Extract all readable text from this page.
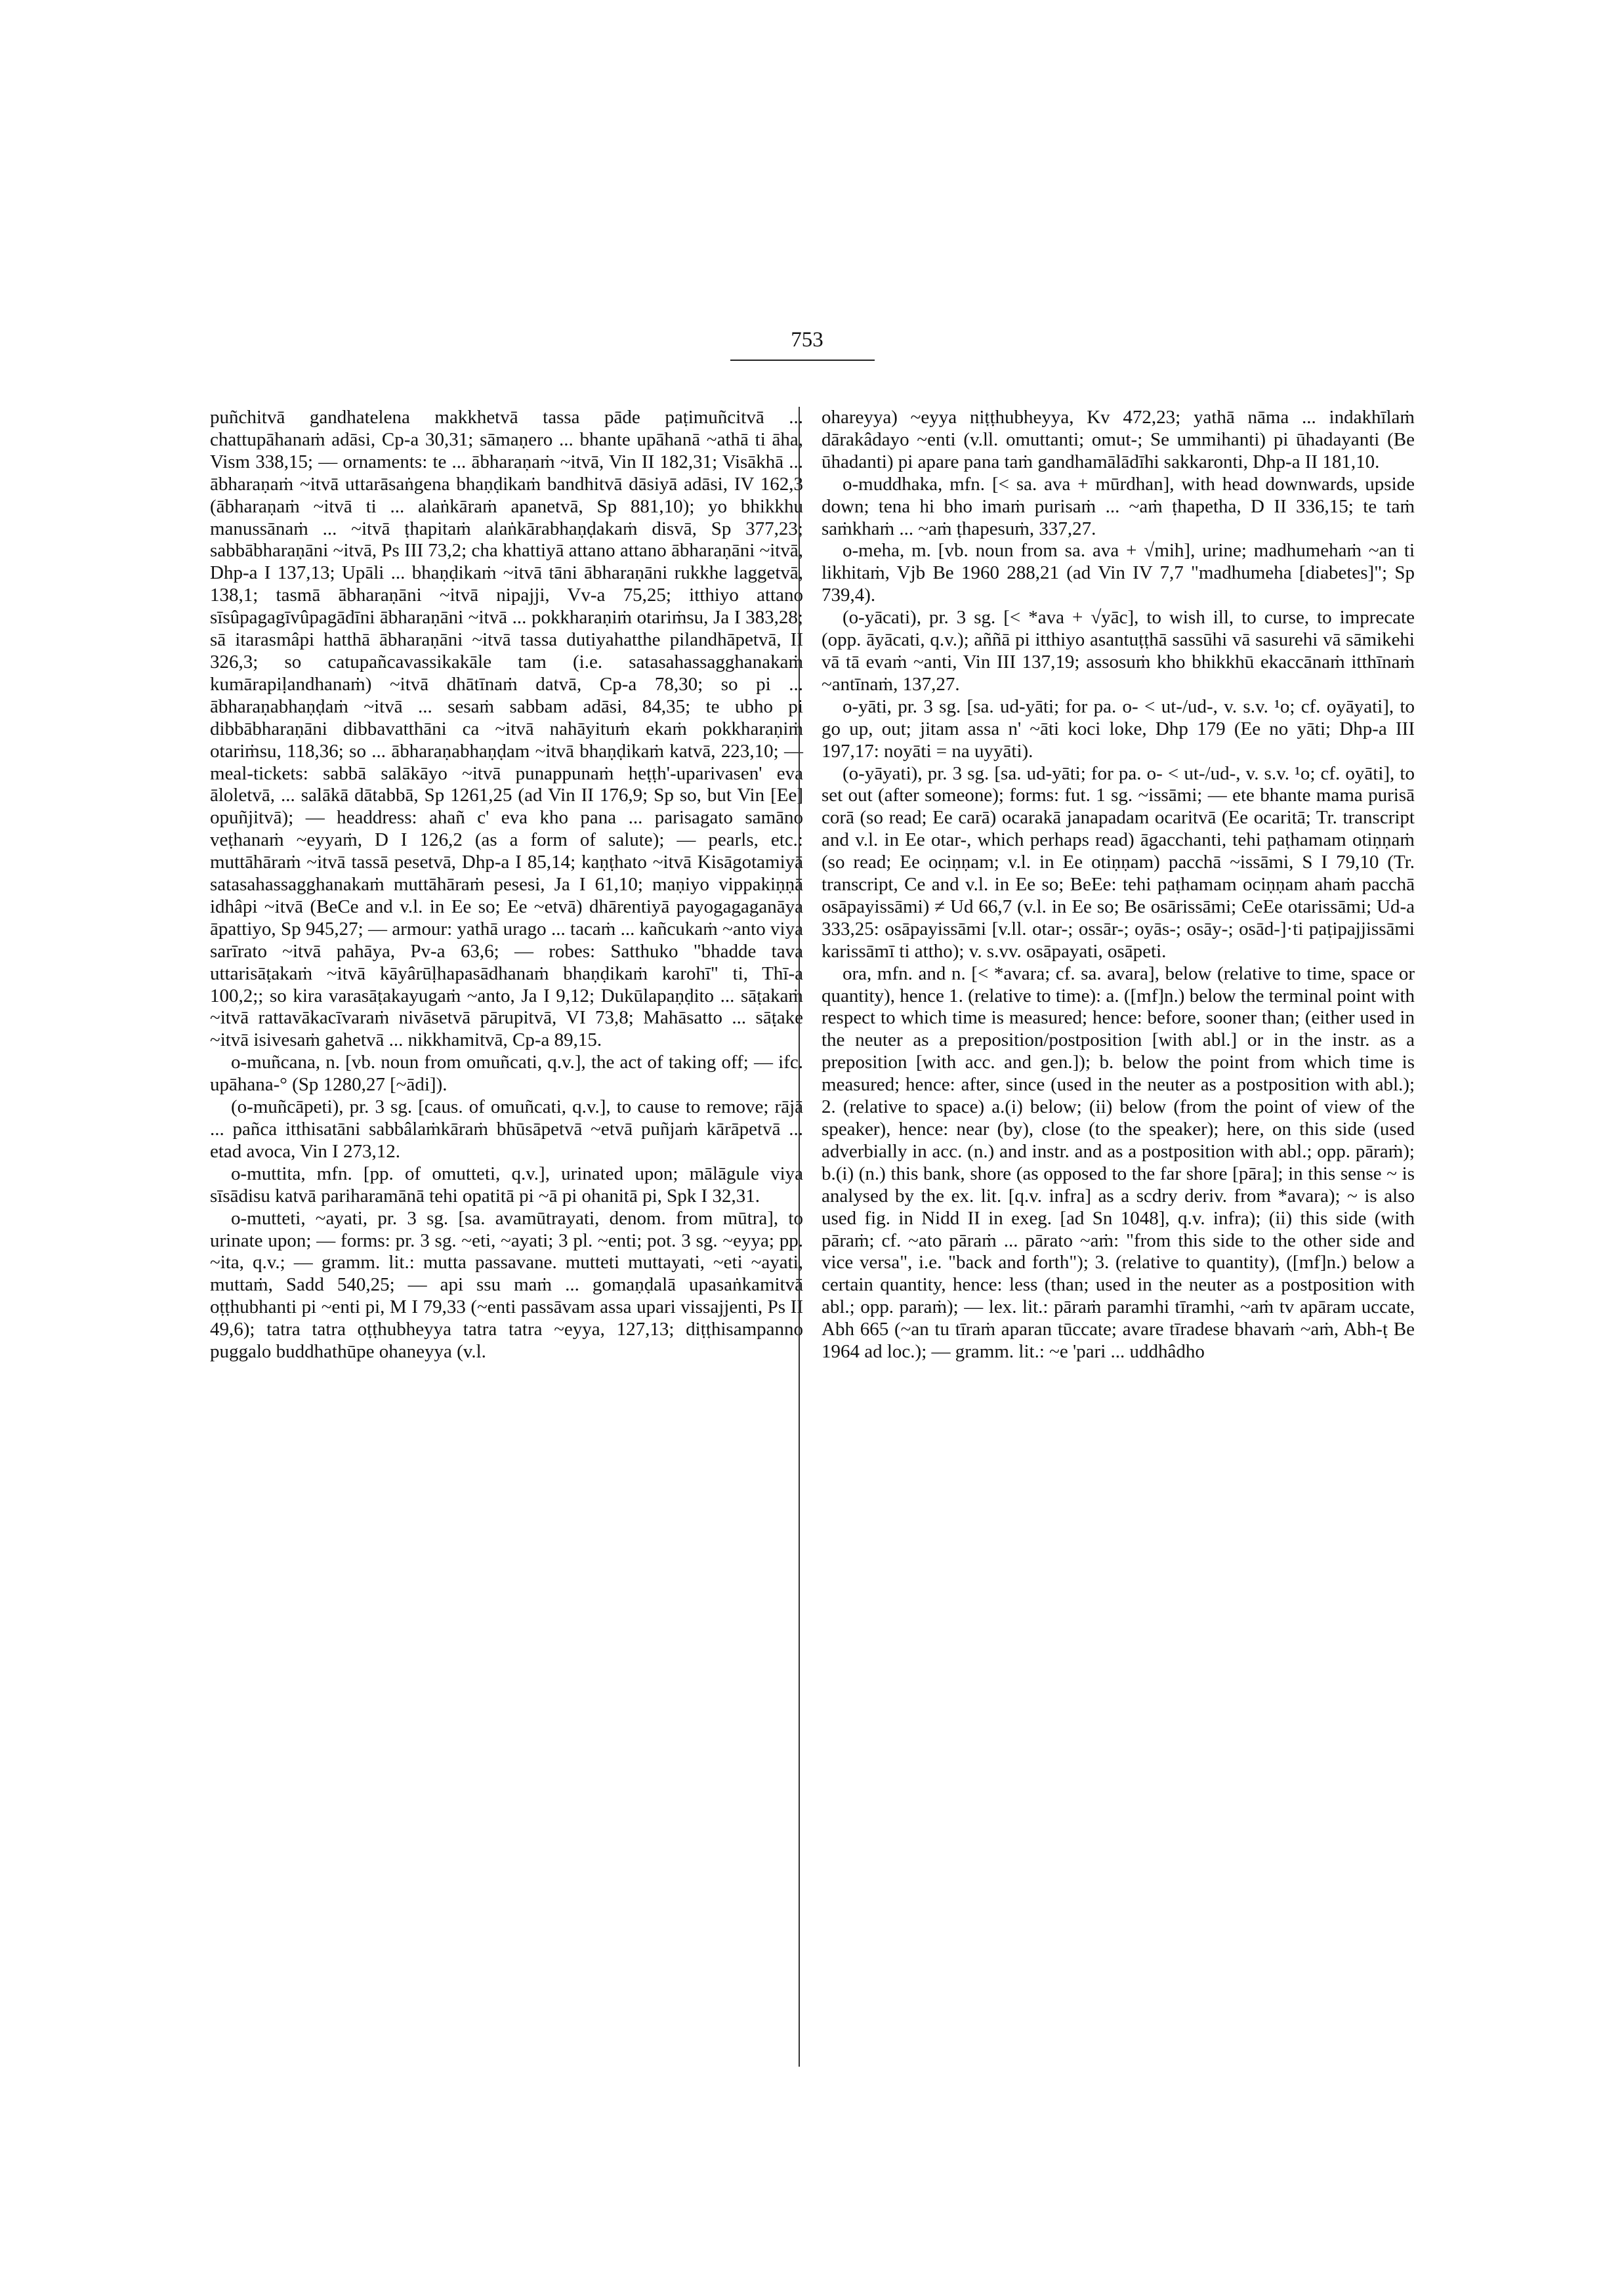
753

puñchitvā gandhatelena makkhetvā tassa pāde paṭimuñcitvā ... chattupāhanaṁ adāsi, Cp-a 30,31; sāmaṇero ... bhante upāhanā ~athā ti āha, Vism 338,15; — ornaments: te ... ābharaṇaṁ ~itvā, Vin II 182,31; Visākhā ... ābharaṇaṁ ~itvā uttarāsaṅgena bhaṇḍikaṁ bandhitvā dāsiyā adāsi, IV 162,3 (ābharaṇaṁ ~itvā ti ... alaṅkāraṁ apanetvā, Sp 881,10); yo bhikkhu manussānaṁ ... ~itvā ṭhapitaṁ alaṅkārabhaṇḍakaṁ disvā, Sp 377,23; sabbābharaṇāni ~itvā, Ps III 73,2; cha khattiyā attano attano ābharaṇāni ~itvā, Dhp-a I 137,13; Upāli ... bhaṇḍikaṁ ~itvā tāni ābharaṇāni rukkhe laggetvā, 138,1; tasmā ābharaṇāni ~itvā nipajji, Vv-a 75,25; itthiyo attano sīsûpagagīvûpagādīni ābharaṇāni ~itvā ... pokkharaṇiṁ otariṁsu, Ja I 383,28; sā itarasmâpi hatthā ābharaṇāni ~itvā tassa dutiyahatthe pilandhāpetvā, II 326,3; so catupañcavassikakāle tam (i.e. satasahassagghanakaṁ kumārapiḷandhanaṁ) ~itvā dhātīnaṁ datvā, Cp-a 78,30; so pi ... ābharaṇabhaṇḍaṁ ~itvā ... sesaṁ sabbam adāsi, 84,35; te ubho pi dibbābharaṇāni dibbavatthāni ca ~itvā nahāyituṁ ekaṁ pokkharaṇiṁ otariṁsu, 118,36; so ... ābharaṇabhaṇḍam ~itvā bhaṇḍikaṁ katvā, 223,10; — meal-tickets: sabbā salākāyo ~itvā punappunaṁ heṭṭh'-uparivasen' eva āloletvā, ... salākā dātabbā, Sp 1261,25 (ad Vin II 176,9; Sp so, but Vin [Ee] opuñjitvā); — headdress: ahañ c' eva kho pana ... parisagato samāno veṭhanaṁ ~eyyaṁ, D I 126,2 (as a form of salute); — pearls, etc.: muttāhāraṁ ~itvā tassā pesetvā, Dhp-a I 85,14; kaṇṭhato ~itvā Kisāgotamiyā satasahassagghanakaṁ muttāhāraṁ pesesi, Ja I 61,10; maṇiyo vippakiṇṇā idhâpi ~itvā (BeCe and v.l. in Ee so; Ee ~etvā) dhārentiyā payogagaganāya āpattiyo, Sp 945,27; — armour: yathā urago ... tacaṁ ... kañcukaṁ ~anto viya sarīrato ~itvā pahāya, Pv-a 63,6; — robes: Satthuko "bhadde tava uttarisāṭakaṁ ~itvā kāyârūḷhapasādhanaṁ bhaṇḍikaṁ karohī" ti, Thī-a 100,2;; so kira varasāṭakayugaṁ ~anto, Ja I 9,12; Dukūlapaṇḍito ... sāṭakaṁ ~itvā rattavākacīvaraṁ nivāsetvā pārupitvā, VI 73,8; Mahāsatto ... sāṭake ~itvā isivesaṁ gahetvā ... nikkhamitvā, Cp-a 89,15.

o-muñcana, n. [vb. noun from omuñcati, q.v.], the act of taking off; — ifc. upāhana-° (Sp 1280,27 [~ādi]).

(o-muñcāpeti), pr. 3 sg. [caus. of omuñcati, q.v.], to cause to remove; rājā ... pañca itthisatāni sabbâlaṁkāraṁ bhūsāpetvā ~etvā puñjaṁ kārāpetvā ... etad avoca, Vin I 273,12.

o-muttita, mfn. [pp. of omutteti, q.v.], urinated upon; mālāgule viya sīsādisu katvā pariharamānā tehi opatitā pi ~ā pi ohanitā pi, Spk I 32,31.

o-mutteti, ~ayati, pr. 3 sg. [sa. avamūtrayati, denom. from mūtra], to urinate upon; — forms: pr. 3 sg. ~eti, ~ayati; 3 pl. ~enti; pot. 3 sg. ~eyya; pp. ~ita, q.v.; — gramm. lit.: mutta passavane. mutteti muttayati, ~eti ~ayati, muttaṁ, Sadd 540,25; — api ssu maṁ ... gomaṇḍalā upasaṅkamitvā oṭṭhubhanti pi ~enti pi, M I 79,33 (~enti passāvam assa upari vissajjenti, Ps II 49,6); tatra tatra oṭṭhubheyya tatra tatra ~eyya, 127,13; diṭṭhisampanno puggalo buddhathūpe ohaneyya (v.l.

ohareyya) ~eyya niṭṭhubheyya, Kv 472,23; yathā nāma ... indakhīlaṁ dārakâdayo ~enti (v.ll. omuttanti; omut-; Se ummihanti) pi ūhadayanti (Be ūhadanti) pi apare pana taṁ gandhamālādīhi sakkaronti, Dhp-a II 181,10.

o-muddhaka, mfn. [< sa. ava + mūrdhan], with head downwards, upside down; tena hi bho imaṁ purisaṁ ... ~aṁ ṭhapetha, D II 336,15; te taṁ saṁkhaṁ ... ~aṁ ṭhapesuṁ, 337,27.

o-meha, m. [vb. noun from sa. ava + √mih], urine; madhumehaṁ ~an ti likhitaṁ, Vjb Be 1960 288,21 (ad Vin IV 7,7 "madhumeha [diabetes]"; Sp 739,4).

(o-yācati), pr. 3 sg. [< *ava + √yāc], to wish ill, to curse, to imprecate (opp. āyācati, q.v.); aññā pi itthiyo asantuṭṭhā sassūhi vā sasurehi vā sāmikehi vā tā evaṁ ~anti, Vin III 137,19; assosuṁ kho bhikkhū ekaccānaṁ itthīnaṁ ~antīnaṁ, 137,27.

o-yāti, pr. 3 sg. [sa. ud-yāti; for pa. o- < ut-/ud-, v. s.v. ¹o; cf. oyāyati], to go up, out; jitam assa n' ~āti koci loke, Dhp 179 (Ee no yāti; Dhp-a III 197,17: noyāti = na uyyāti).

(o-yāyati), pr. 3 sg. [sa. ud-yāti; for pa. o- < ut-/ud-, v. s.v. ¹o; cf. oyāti], to set out (after someone); forms: fut. 1 sg. ~issāmi; — ete bhante mama purisā corā (so read; Ee carā) ocarakā janapadam ocaritvā (Ee ocaritā; Tr. transcript and v.l. in Ee otar-, which perhaps read) āgacchanti, tehi paṭhamam otiṇṇaṁ (so read; Ee ociṇṇam; v.l. in Ee otiṇṇam) pacchā ~issāmi, S I 79,10 (Tr. transcript, Ce and v.l. in Ee so; BeEe: tehi paṭhamam ociṇṇam ahaṁ pacchā osāpayissāmi) ≠ Ud 66,7 (v.l. in Ee so; Be osārissāmi; CeEe otarissāmi; Ud-a 333,25: osāpayissāmi [v.ll. otar-; ossār-; oyās-; osāy-; osād-]·ti paṭipajjissāmi karissāmī ti attho); v. s.vv. osāpayati, osāpeti.

ora, mfn. and n. [< *avara; cf. sa. avara], below (relative to time, space or quantity), hence 1. (relative to time): a. ([mf]n.) below the terminal point with respect to which time is measured; hence: before, sooner than; (either used in the neuter as a preposition/postposition [with abl.] or in the instr. as a preposition [with acc. and gen.]); b. below the point from which time is measured; hence: after, since (used in the neuter as a postposition with abl.); 2. (relative to space) a.(i) below; (ii) below (from the point of view of the speaker), hence: near (by), close (to the speaker); here, on this side (used adverbially in acc. (n.) and instr. and as a postposition with abl.; opp. pāraṁ); b.(i) (n.) this bank, shore (as opposed to the far shore [pāra]; in this sense ~ is analysed by the ex. lit. [q.v. infra] as a scdry deriv. from *avara); ~ is also used fig. in Nidd II in exeg. [ad Sn 1048], q.v. infra); (ii) this side (with pāraṁ; cf. ~ato pāraṁ ... pārato ~aṁ: "from this side to the other side and vice versa", i.e. "back and forth"); 3. (relative to quantity), ([mf]n.) below a certain quantity, hence: less (than; used in the neuter as a postposition with abl.; opp. paraṁ); — lex. lit.: pāraṁ paramhi tīramhi, ~aṁ tv apāram uccate, Abh 665 (~an tu tīraṁ aparan tūccate; avare tīradese bhavaṁ ~aṁ, Abh-ṭ Be 1964 ad loc.); — gramm. lit.: ~e 'pari ... uddhâdho
